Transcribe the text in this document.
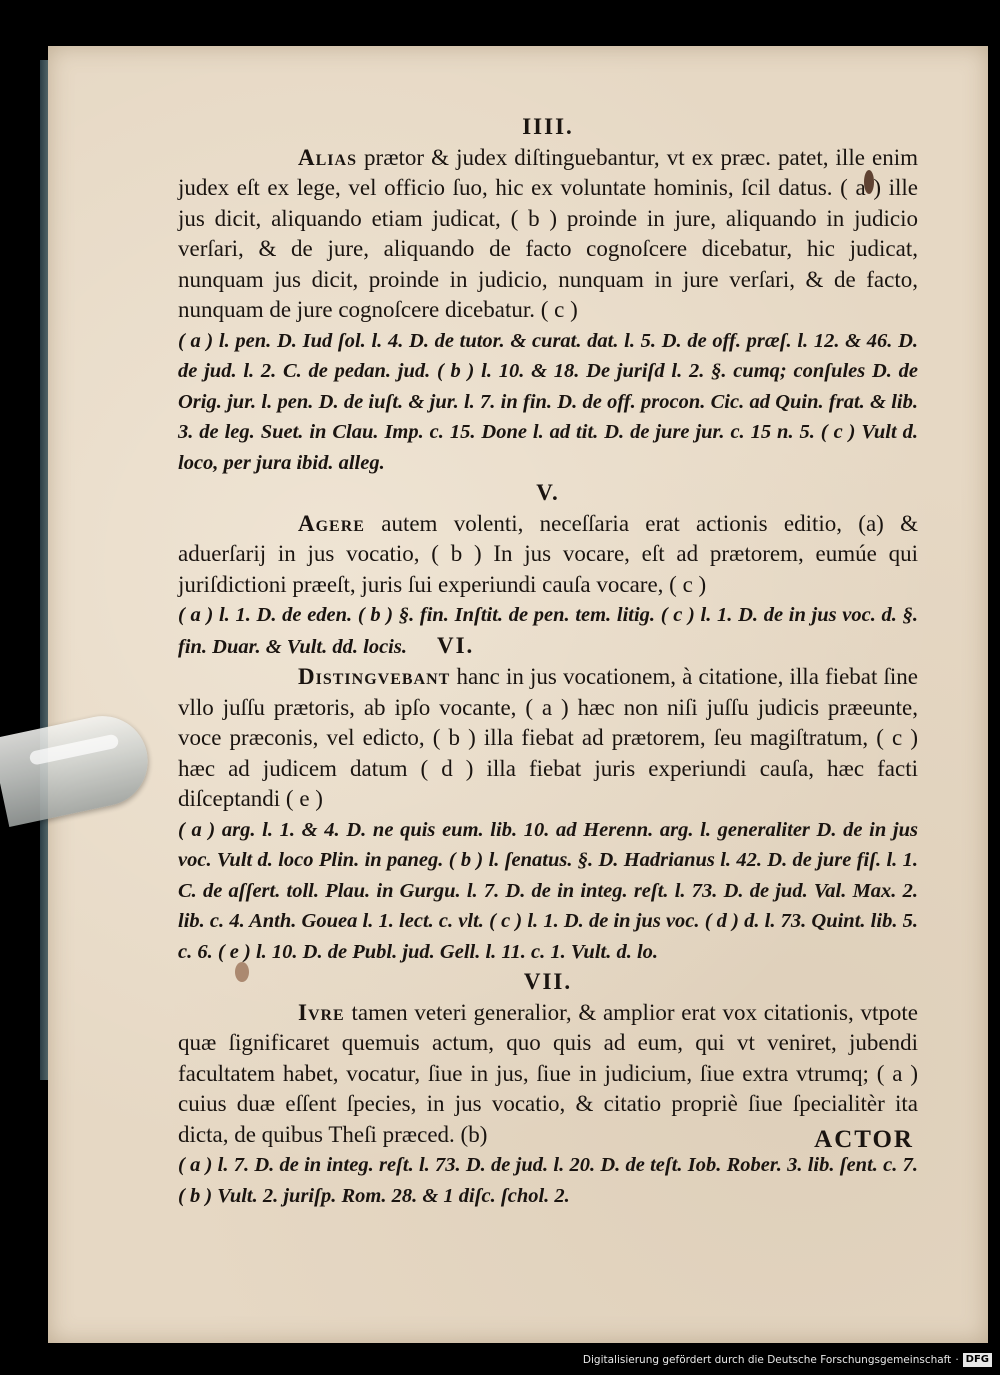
IIII.

Alias prætor & judex diſtinguebantur, vt ex præc. patet, ille enim judex eſt ex lege, vel officio ſuo, hic ex voluntate hominis, ſcil datus. ( a ) ille jus dicit, aliquando etiam judicat, ( b ) proinde in jure, aliquando in judicio verſari, & de jure, aliquando de facto cognoſcere dicebatur, hic judicat, nunquam jus dicit, proinde in judicio, nunquam in jure verſari, & de facto, nunquam de jure cognoſcere dicebatur. ( c )

( a ) l. pen. D. Iud ſol. l. 4. D. de tutor. & curat. dat. l. 5. D. de off. præſ. l. 12. & 46. D. de jud. l. 2. C. de pedan. jud. ( b ) l. 10. & 18. De juriſd l. 2. §. cumq; conſules D. de Orig. jur. l. pen. D. de iuſt. & jur. l. 7. in fin. D. de off. procon. Cic. ad Quin. frat. & lib. 3. de leg. Suet. in Clau. Imp. c. 15. Done l. ad tit. D. de jure jur. c. 15 n. 5. ( c ) Vult d. loco, per jura ibid. alleg.

V.

Agere autem volenti, neceſſaria erat actionis editio, (a) & aduerſarij in jus vocatio, ( b ) In jus vocare, eſt ad prætorem, eumúe qui juriſdictioni præeſt, juris ſui experiundi cauſa vocare, ( c )

( a ) l. 1. D. de eden. ( b ) §. fin. Inſtit. de pen. tem. litig. ( c ) l. 1. D. de in jus voc. d. §. fin. Duar. & Vult. dd. locis. VI.

Distingvebant hanc in jus vocationem, à citatione, illa fiebat ſine vllo juſſu prætoris, ab ipſo vocante, ( a ) hæc non niſi juſſu judicis præeunte, voce præconis, vel edicto, ( b ) illa fiebat ad prætorem, ſeu magiſtratum, ( c ) hæc ad judicem datum ( d ) illa fiebat juris experiundi cauſa, hæc facti diſceptandi ( e )

( a ) arg. l. 1. & 4. D. ne quis eum. lib. 10. ad Herenn. arg. l. generaliter D. de in jus voc. Vult d. loco Plin. in paneg. ( b ) l. ſenatus. §. D. Hadrianus l. 42. D. de jure fiſ. l. 1. C. de aſſert. toll. Plau. in Gurgu. l. 7. D. de in integ. reſt. l. 73. D. de jud. Val. Max. 2. lib. c. 4. Anth. Gouea l. 1. lect. c. vlt. ( c ) l. 1. D. de in jus voc. ( d ) d. l. 73. Quint. lib. 5. c. 6. ( e ) l. 10. D. de Publ. jud. Gell. l. 11. c. 1. Vult. d. lo.

VII.

Ivre tamen veteri generalior, & amplior erat vox citationis, vtpote quæ ſignificaret quemuis actum, quo quis ad eum, qui vt veniret, jubendi facultatem habet, vocatur, ſiue in jus, ſiue in judicium, ſiue extra vtrumq; ( a ) cuius duæ eſſent ſpecies, in jus vocatio, & citatio propriè ſiue ſpecialitèr ita dicta, de quibus Theſi præced. (b)

( a ) l. 7. D. de in integ. reſt. l. 73. D. de jud. l. 20. D. de teſt. Iob. Rober. 3. lib. ſent. c. 7. ( b ) Vult. 2. juriſp. Rom. 28. & 1 diſc. ſchol. 2.

ACTOR
Digitalisierung gefördert durch die Deutsche Forschungsgemeinschaft · DFG
